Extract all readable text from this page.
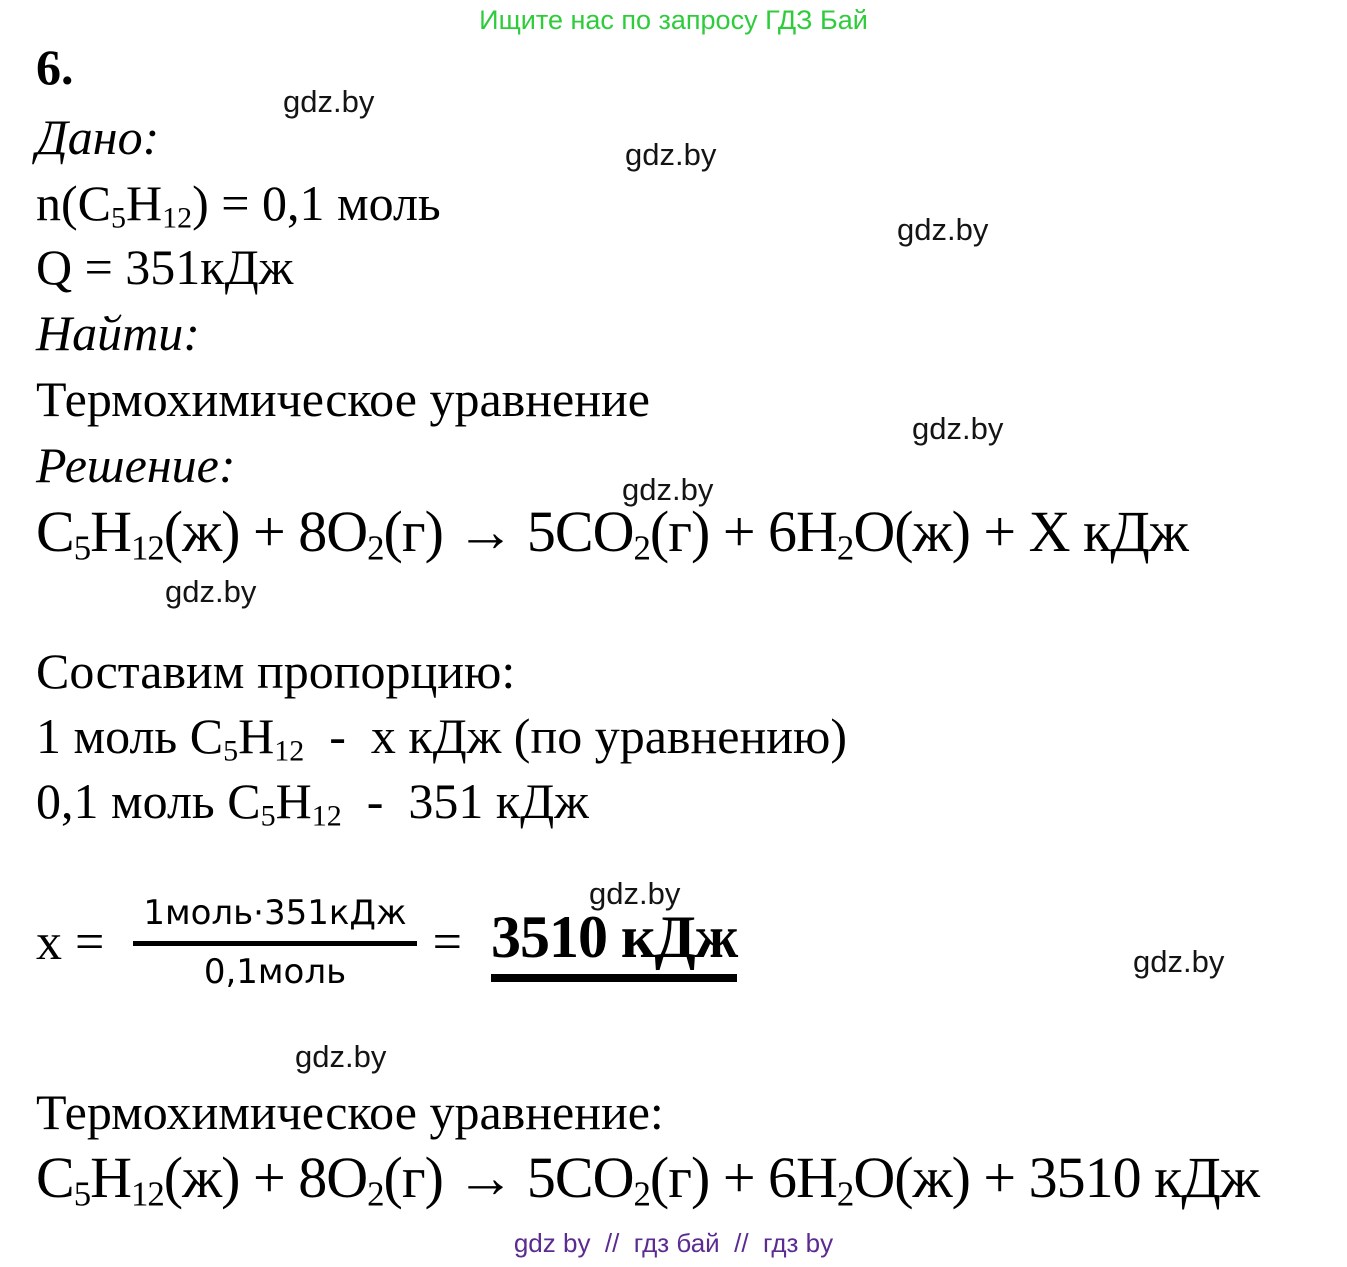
Ищите нас по запросу ГДЗ Бай
6.
gdz.by
gdz.by
gdz.by
gdz.by
gdz.by
gdz.by
gdz.by
gdz.by
gdz.by
Дано:
$n(C_5H_{12}) = 0,1$ моль
Q = 351кДж
Найти:
Термохимическое уравнение
Решение:
$C_5H_{12}(ж) + 8O_2(г) \to 5CO_2(г) + 6H_2O(ж) + Х$ кДж
Составим пропорцию:
1 моль $C_5H_{12}$  -  х кДж (по уравнению)
0,1 моль $C_5H_{12} - 351$ кДж
$х = \frac{\text{1моль·351кДж}}{\text{0,1моль}} = 3510$ кДж
Термохимическое уравнение:
$C_5H_{12}(ж) + 8O_2(г) \to 5CO_2(г) + 6H_2O(ж) + 3510$ кДж
gdz by  //  гдз бай  //  гдз by
